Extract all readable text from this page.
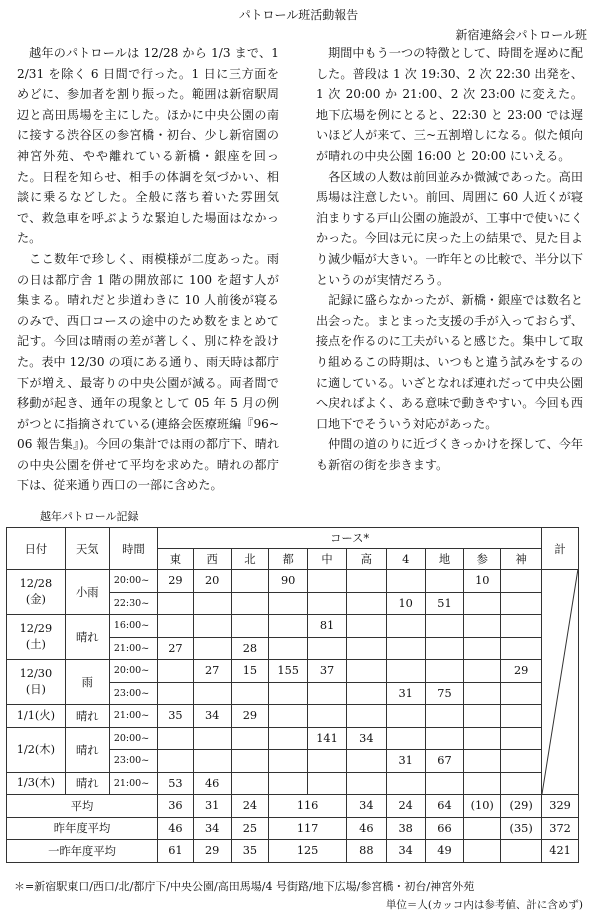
パトロール班活動報告
新宿連絡会パトロール班

越年のパトロールは 12/28 から 1/3 まで、12/31 を除く 6 日間で行った。1 日に三方面をめどに、参加者を割り振った。範囲は新宿駅周辺と高田馬場を主にした。ほかに中央公園の南に接する渋谷区の参宮橋・初台、少し新宿園の神宮外苑、やや離れている新橋・銀座を回った。日程を知らせ、相手の体調を気づかい、相談に乗るなどした。全般に落ち着いた雰囲気で、救急車を呼ぶような緊迫した場面はなかった。

ここ数年で珍しく、雨模様が二度あった。雨の日は都庁舎 1 階の開放部に 100 を超す人が集まる。晴れだと歩道わきに 10 人前後が寝るのみで、西口コースの途中のため数をまとめて記す。今回は晴雨の差が著しく、別に枠を設けた。表中 12/30 の項にある通り、雨天時は都庁下が増え、最寄りの中央公園が減る。両者間で移動が起き、通年の現象として 05 年 5 月の例がつとに指摘されている(連絡会医療班編『96~06 報告集』)。今回の集計では雨の都庁下、晴れの中央公園を併せて平均を求めた。晴れの都庁下は、従来通り西口の一部に含めた。

期間中もう一つの特徴として、時間を遅めに配した。普段は 1 次 19:30、2 次 22:30 出発を、1 次 20:00 か 21:00、2 次 23:00 に変えた。地下広場を例にとると、22:30 と 23:00 では遅いほど人が来て、三~五割増しになる。似た傾向が晴れの中央公園 16:00 と 20:00 にいえる。

各区域の人数は前回並みか微減であった。高田馬場は注意したい。前回、周囲に 60 人近くが寝泊まりする戸山公園の施設が、工事中で使いにくかった。今回は元に戻った上の結果で、見た目より減少幅が大きい。一昨年との比較で、半分以下というのが実情だろう。

記録に盛らなかったが、新橋・銀座では数名と出会った。まとまった支援の手が入っておらず、接点を作るのに工夫がいると感じた。集中して取り組めるこの時期は、いつもと違う試みをするのに適している。いざとなれば連れだって中央公園へ戻ればよく、ある意味で動きやすい。今回も西口地下でそういう対応があった。

仲間の道のりに近づくきっかけを探して、今年も新宿の街を歩きます。

越年パトロール記録
日付	天気	時間	コース*										計
			東	西	北	都	中	高	4	地	参	神	

12/28
(金)	小雨	20:00~	29	20		90					10		

		22:30~							10	51			

12/29
(土)	晴れ	16:00~					81						
		21:00~	27		28								

12/30
(日)	雨	20:00~		27	15	155	37					29	
		23:00~							31	75			

1/1(火)	晴れ	21:00~	35	34	29								

1/2(木)	晴れ	20:00~					141	34					
		23:00~							31	67			

1/3(木)	晴れ	21:00~	53	46									
平均			36	31	24	116		34	24	64	(10)	(29)	329
昨年度平均			46	34	25	117		46	38	66		(35)	372
一昨年度平均			61	29	35	125		88	34	49			421
＊=新宿駅東口/西口/北/都庁下/中央公園/高田馬場/4 号街路/地下広場/参宮橋・初台/神宮外苑
単位＝人(カッコ内は参考値、計に含めず)
